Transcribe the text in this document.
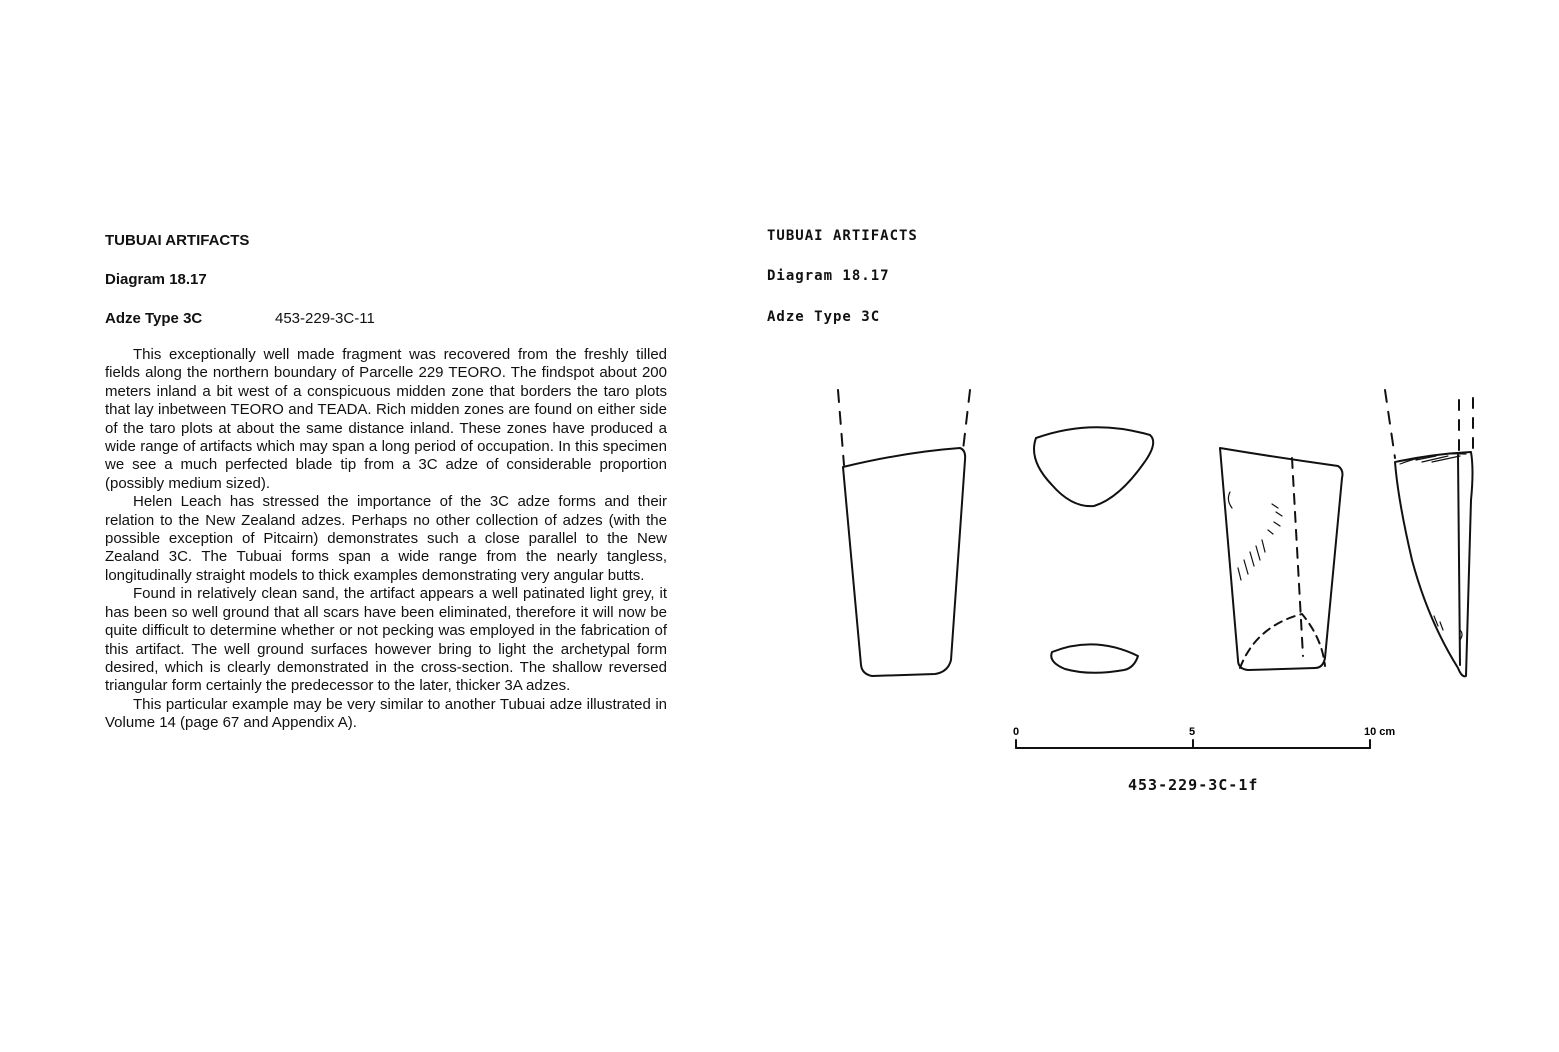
TUBUAI ARTIFACTS
Diagram 18.17
Adze Type 3C	453-229-3C-11

This exceptionally well made fragment was recovered from the freshly tilled fields along the northern boundary of Parcelle 229 TEORO. The findspot about 200 meters inland a bit west of a conspicuous midden zone that borders the taro plots that lay inbetween TEORO and TEADA. Rich midden zones are found on either side of the taro plots at about the same distance inland. These zones have produced a wide range of artifacts which may span a long period of occupation. In this specimen we see a much perfected blade tip from a 3C adze of considerable proportion (possibly medium sized).

Helen Leach has stressed the importance of the 3C adze forms and their relation to the New Zealand adzes. Perhaps no other collection of adzes (with the possible exception of Pitcairn) demonstrates such a close parallel to the New Zealand 3C. The Tubuai forms span a wide range from the nearly tangless, longitudinally straight models to thick examples demonstrating very angular butts.

Found in relatively clean sand, the artifact appears a well patinated light grey, it has been so well ground that all scars have been eliminated, therefore it will now be quite difficult to determine whether or not pecking was employed in the fabrication of this artifact. The well ground surfaces however bring to light the archetypal form desired, which is clearly demonstrated in the cross-section. The shallow reversed triangular form certainly the predecessor to the later, thicker 3A adzes.

This particular example may be very similar to another Tubuai adze illustrated in Volume 14 (page 67 and Appendix A).

TUBUAI ARTIFACTS
Diagram 18.17
Adze Type 3C
0	5	10 cm
453-229-3C-1f
